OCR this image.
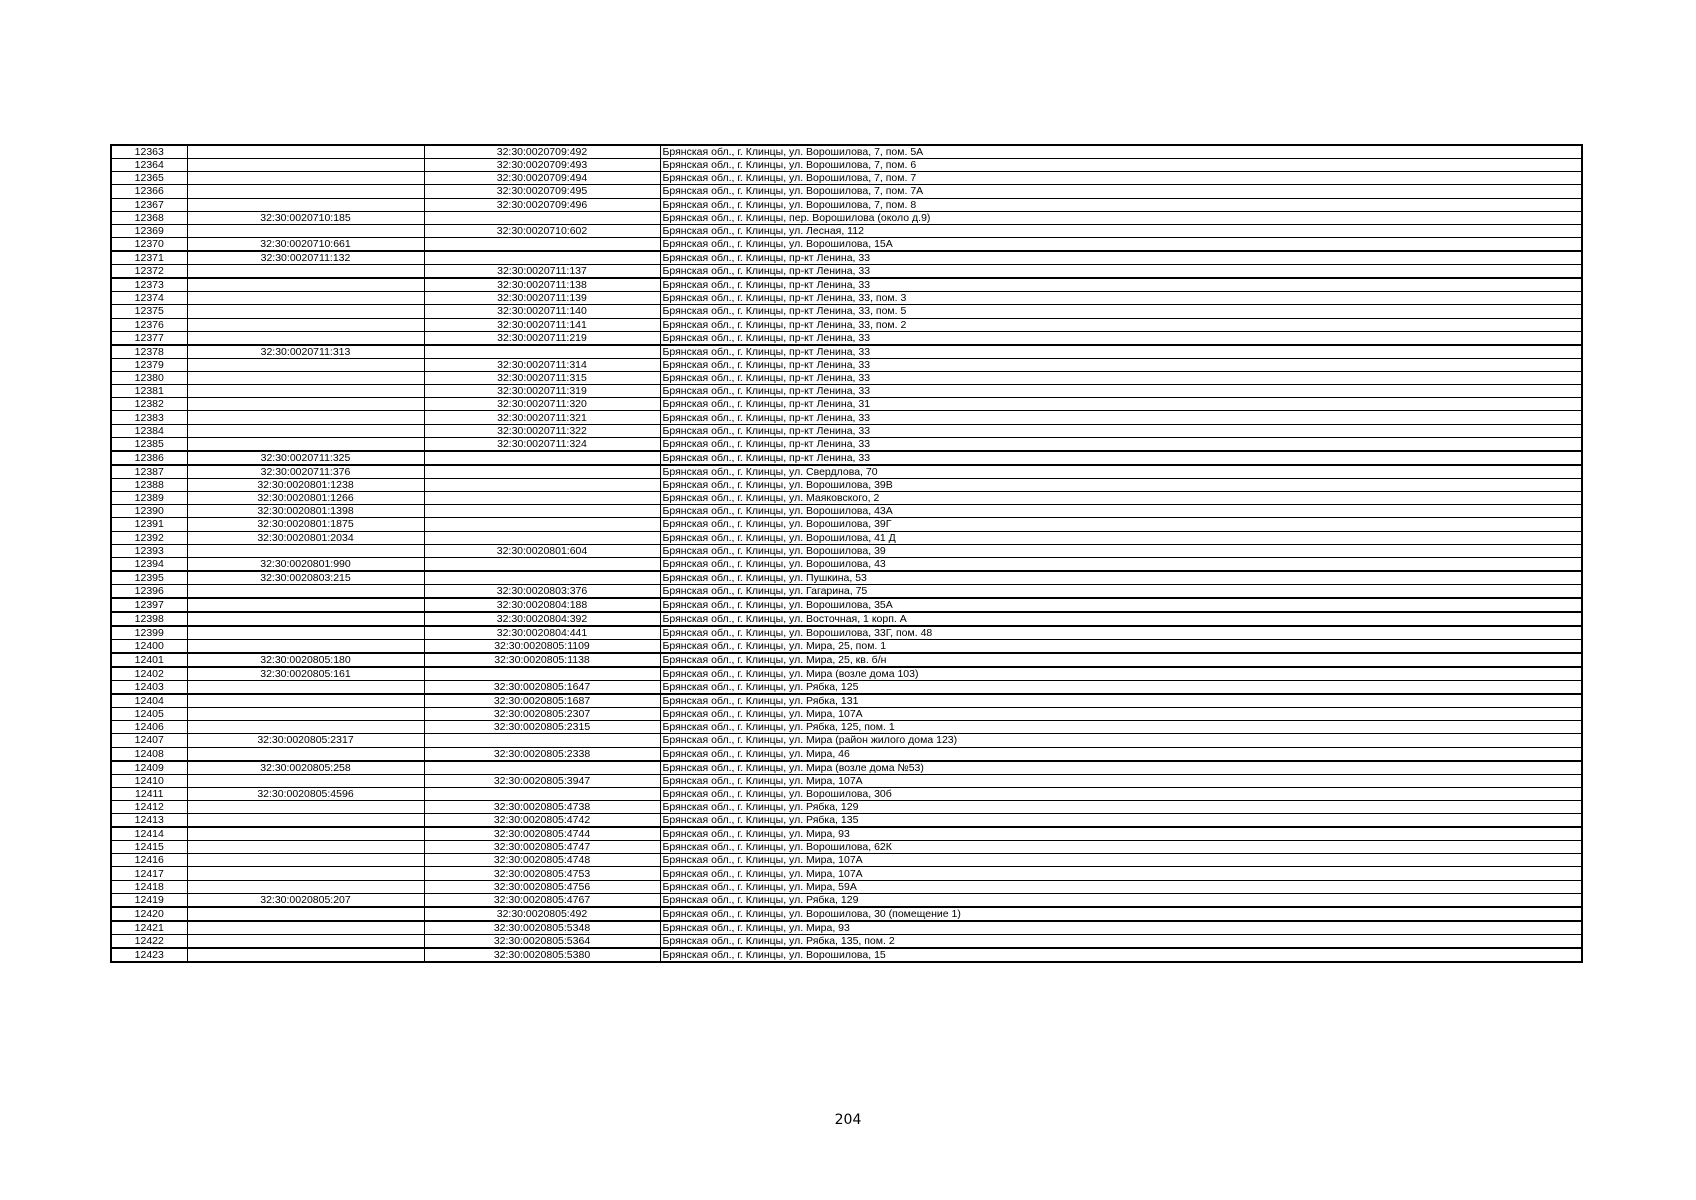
12363		32:30:0020709:492	Брянская обл., г. Клинцы, ул. Ворошилова, 7, пом. 5А
12364		32:30:0020709:493	Брянская обл., г. Клинцы, ул. Ворошилова, 7, пом. 6
12365		32:30:0020709:494	Брянская обл., г. Клинцы, ул. Ворошилова, 7, пом. 7
12366		32:30:0020709:495	Брянская обл., г. Клинцы, ул. Ворошилова, 7, пом. 7А
12367		32:30:0020709:496	Брянская обл., г. Клинцы, ул. Ворошилова, 7, пом. 8
12368	32:30:0020710:185		Брянская обл., г. Клинцы, пер. Ворошилова (около д.9)
12369		32:30:0020710:602	Брянская обл., г. Клинцы, ул. Лесная, 112
12370	32:30:0020710:661		Брянская обл., г. Клинцы, ул. Ворошилова, 15А
12371	32:30:0020711:132		Брянская обл., г. Клинцы, пр-кт Ленина, 33
12372		32:30:0020711:137	Брянская обл., г. Клинцы, пр-кт Ленина, 33
12373		32:30:0020711:138	Брянская обл., г. Клинцы, пр-кт Ленина, 33
12374		32:30:0020711:139	Брянская обл., г. Клинцы, пр-кт Ленина, 33, пом. 3
12375		32:30:0020711:140	Брянская обл., г. Клинцы, пр-кт Ленина, 33, пом. 5
12376		32:30:0020711:141	Брянская обл., г. Клинцы, пр-кт Ленина, 33, пом. 2
12377		32:30:0020711:219	Брянская обл., г. Клинцы, пр-кт Ленина, 33
12378	32:30:0020711:313		Брянская обл., г. Клинцы, пр-кт Ленина, 33
12379		32:30:0020711:314	Брянская обл., г. Клинцы, пр-кт Ленина, 33
12380		32:30:0020711:315	Брянская обл., г. Клинцы, пр-кт Ленина, 33
12381		32:30:0020711:319	Брянская обл., г. Клинцы, пр-кт Ленина, 33
12382		32:30:0020711:320	Брянская обл., г. Клинцы, пр-кт Ленина, 31
12383		32:30:0020711:321	Брянская обл., г. Клинцы, пр-кт Ленина, 33
12384		32:30:0020711:322	Брянская обл., г. Клинцы, пр-кт Ленина, 33
12385		32:30:0020711:324	Брянская обл., г. Клинцы, пр-кт Ленина, 33
12386	32:30:0020711:325		Брянская обл., г. Клинцы, пр-кт Ленина, 33
12387	32:30:0020711:376		Брянская обл., г. Клинцы, ул. Свердлова, 70
12388	32:30:0020801:1238		Брянская обл., г. Клинцы, ул. Ворошилова, 39В
12389	32:30:0020801:1266		Брянская обл., г. Клинцы, ул. Маяковского, 2
12390	32:30:0020801:1398		Брянская обл., г. Клинцы, ул. Ворошилова, 43А
12391	32:30:0020801:1875		Брянская обл., г. Клинцы, ул. Ворошилова, 39Г
12392	32:30:0020801:2034		Брянская обл., г. Клинцы, ул. Ворошилова, 41 Д
12393		32:30:0020801:604	Брянская обл., г. Клинцы, ул. Ворошилова, 39
12394	32:30:0020801:990		Брянская обл., г. Клинцы, ул. Ворошилова, 43
12395	32:30:0020803:215		Брянская обл., г. Клинцы, ул. Пушкина, 53
12396		32:30:0020803:376	Брянская обл., г. Клинцы, ул. Гагарина, 75
12397		32:30:0020804:188	Брянская обл., г. Клинцы, ул. Ворошилова, 35А
12398		32:30:0020804:392	Брянская обл., г. Клинцы, ул. Восточная, 1 корп. А
12399		32:30:0020804:441	Брянская обл., г. Клинцы, ул. Ворошилова, 33Г, пом. 48
12400		32:30:0020805:1109	Брянская обл., г. Клинцы, ул. Мира, 25, пом. 1
12401	32:30:0020805:180	32:30:0020805:1138	Брянская обл., г. Клинцы, ул. Мира, 25, кв. б/н
12402	32:30:0020805:161		Брянская обл., г. Клинцы, ул. Мира (возле дома 103)
12403		32:30:0020805:1647	Брянская обл., г. Клинцы, ул. Рябка, 125
12404		32:30:0020805:1687	Брянская обл., г. Клинцы, ул. Рябка, 131
12405		32:30:0020805:2307	Брянская обл., г. Клинцы, ул. Мира, 107А
12406		32:30:0020805:2315	Брянская обл., г. Клинцы, ул. Рябка, 125, пом. 1
12407	32:30:0020805:2317		Брянская обл., г. Клинцы, ул. Мира (район жилого дома 123)
12408		32:30:0020805:2338	Брянская обл., г. Клинцы, ул. Мира, 46
12409	32:30:0020805:258		Брянская обл., г. Клинцы, ул. Мира (возле дома №53)
12410		32:30:0020805:3947	Брянская обл., г. Клинцы, ул. Мира, 107А
12411	32:30:0020805:4596		Брянская обл., г. Клинцы, ул. Ворошилова, 30б
12412		32:30:0020805:4738	Брянская обл., г. Клинцы, ул. Рябка, 129
12413		32:30:0020805:4742	Брянская обл., г. Клинцы, ул. Рябка, 135
12414		32:30:0020805:4744	Брянская обл., г. Клинцы, ул. Мира, 93
12415		32:30:0020805:4747	Брянская обл., г. Клинцы, ул. Ворошилова, 62К
12416		32:30:0020805:4748	Брянская обл., г. Клинцы, ул. Мира, 107А
12417		32:30:0020805:4753	Брянская обл., г. Клинцы, ул. Мира, 107А
12418		32:30:0020805:4756	Брянская обл., г. Клинцы, ул. Мира, 59А
12419	32:30:0020805:207	32:30:0020805:4767	Брянская обл., г. Клинцы, ул. Рябка, 129
12420		32:30:0020805:492	Брянская обл., г. Клинцы, ул. Ворошилова, 30 (помещение 1)
12421		32:30:0020805:5348	Брянская обл., г. Клинцы, ул. Мира, 93
12422		32:30:0020805:5364	Брянская обл., г. Клинцы, ул. Рябка, 135, пом. 2
12423		32:30:0020805:5380	Брянская обл., г. Клинцы, ул. Ворошилова, 15
204
